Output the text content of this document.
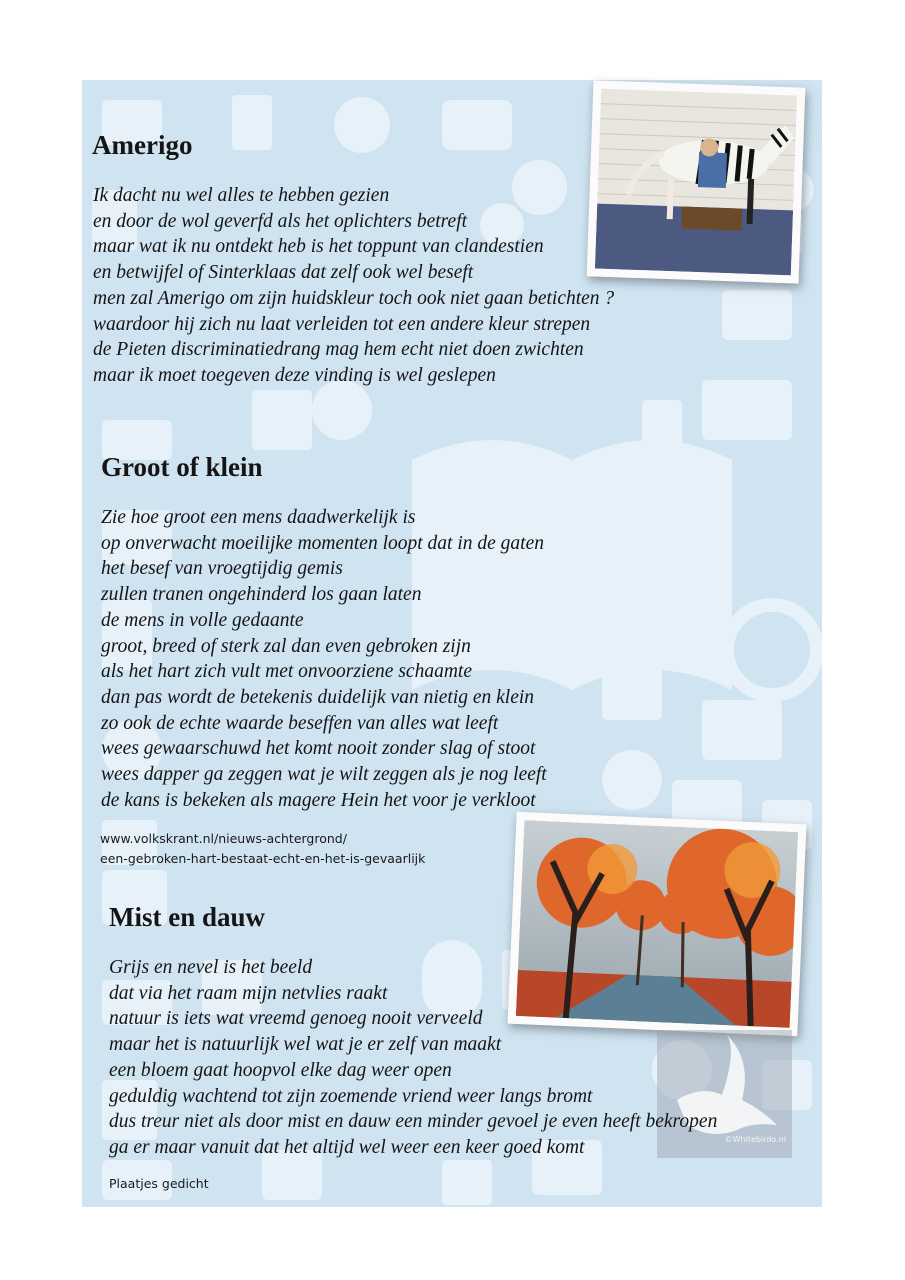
©Whitebirdo.nl
Amerigo
Ik dacht nu wel alles te hebben gezien
en door de wol geverfd als het oplichters betreft
maar wat ik nu ontdekt heb is het toppunt van clandestien
en betwijfel of Sinterklaas dat zelf ook wel beseft
men zal Amerigo om zijn huidskleur toch ook niet gaan betichten ?
waardoor hij zich nu laat verleiden tot een andere kleur strepen
de Pieten discriminatiedrang mag hem echt niet doen zwichten
maar ik moet toegeven deze vinding is wel geslepen
Groot of klein
Zie hoe groot een mens daadwerkelijk is
op onverwacht moeilijke momenten loopt dat in de gaten
het besef van vroegtijdig gemis
zullen tranen ongehinderd los gaan laten
de mens in volle gedaante
groot, breed of sterk zal dan even gebroken zijn
als het hart zich vult met onvoorziene schaamte
dan pas wordt de betekenis duidelijk van nietig en klein
zo ook de echte waarde beseffen van alles wat leeft
wees gewaarschuwd het komt nooit zonder slag of stoot
wees dapper ga zeggen wat je wilt zeggen als je nog leeft
de kans is bekeken als magere Hein het voor je verkloot
www.volkskrant.nl/nieuws-achtergrond/
een-gebroken-hart-bestaat-echt-en-het-is-gevaarlijk
Mist en dauw
Grijs en nevel is het beeld
dat via het raam mijn netvlies raakt
natuur is iets wat vreemd genoeg nooit verveeld
maar het is natuurlijk wel wat je er zelf van maakt
een bloem gaat hoopvol elke dag weer open
geduldig wachtend tot zijn zoemende vriend weer langs bromt
dus treur niet als door mist en dauw een minder gevoel je even heeft bekropen
ga er maar vanuit dat het altijd wel weer een keer goed komt
Plaatjes gedicht
